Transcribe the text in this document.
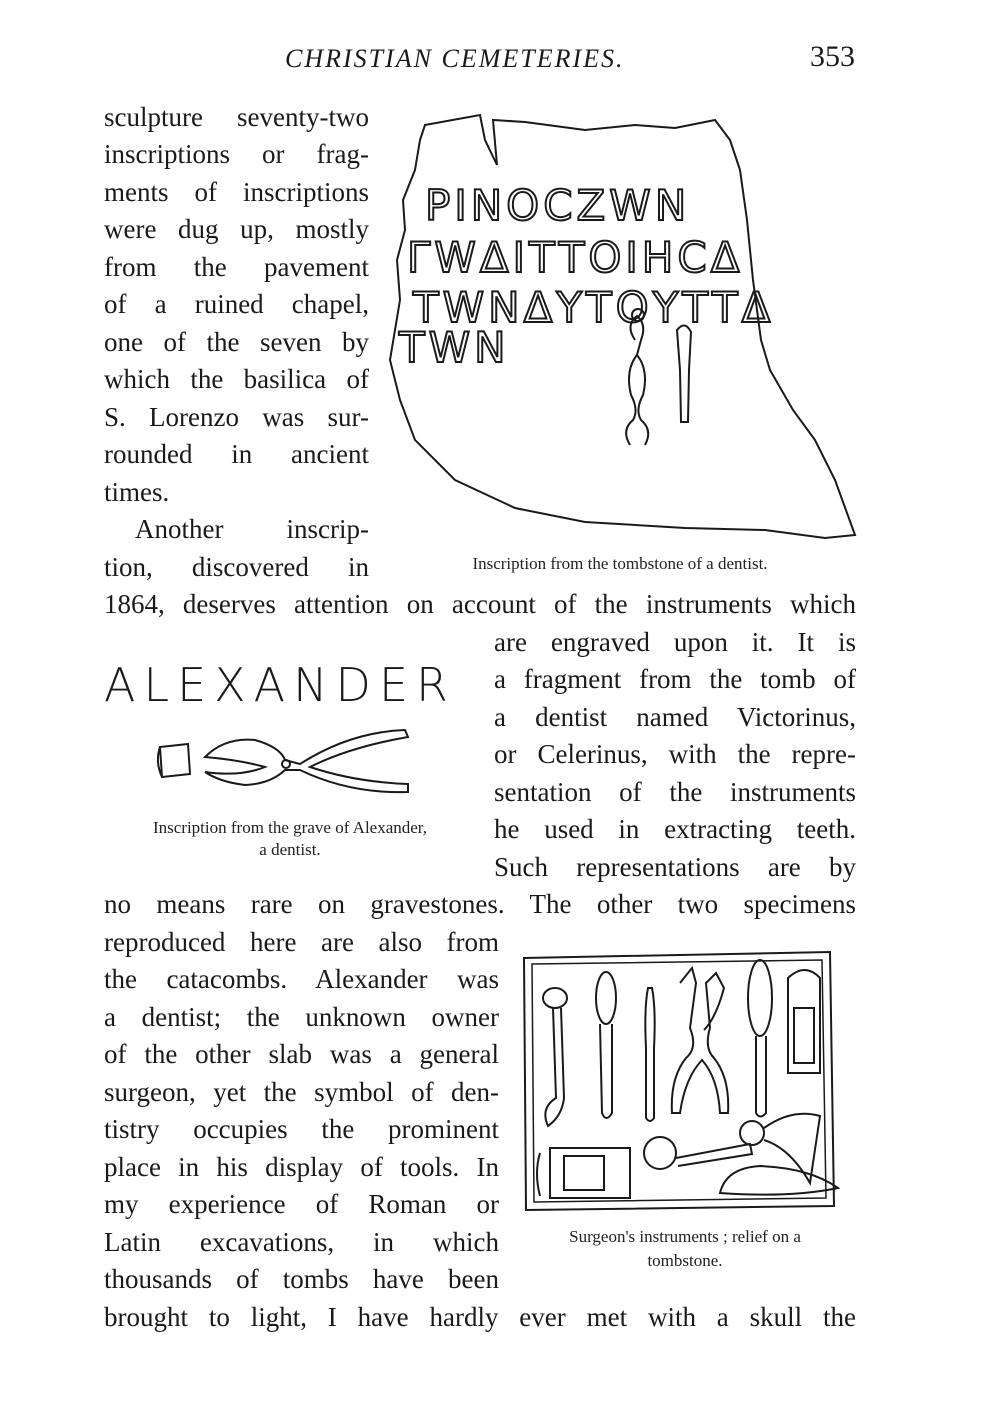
CHRISTIAN CEMETERIES.	353
sculpture seventy-two
inscriptions or frag-
ments of inscriptions
were dug up, mostly
from the pavement
of a ruined chapel,
one of the seven by
which the basilica of
S. Lorenzo was sur-
rounded in ancient
times.
Another inscrip-
tion, discovered in
1864, deserves attention on account of the instruments which
are engraved upon it. It is
a fragment from the tomb of
a dentist named Victorinus,
or Celerinus, with the repre-
sentation of the instruments
he used in extracting teeth.
Such representations are by
no means rare on gravestones. The other two specimens
reproduced here are also from
the catacombs. Alexander was
a dentist; the unknown owner
of the other slab was a general
surgeon, yet the symbol of den-
tistry occupies the prominent
place in his display of tools. In
my experience of Roman or
Latin excavations, in which
thousands of tombs have been
brought to light, I have hardly ever met with a skull the
PINOCZWN
ΓWΔΙΤΤΟΙΗCΔ
TWNΔΥΤΟΥΤΤΔ
TWN
Inscription from the tombstone of a dentist.
ALEXANDER
Inscription from the grave of Alexander,
a dentist.
Surgeon's instruments ; relief on a
tombstone.
